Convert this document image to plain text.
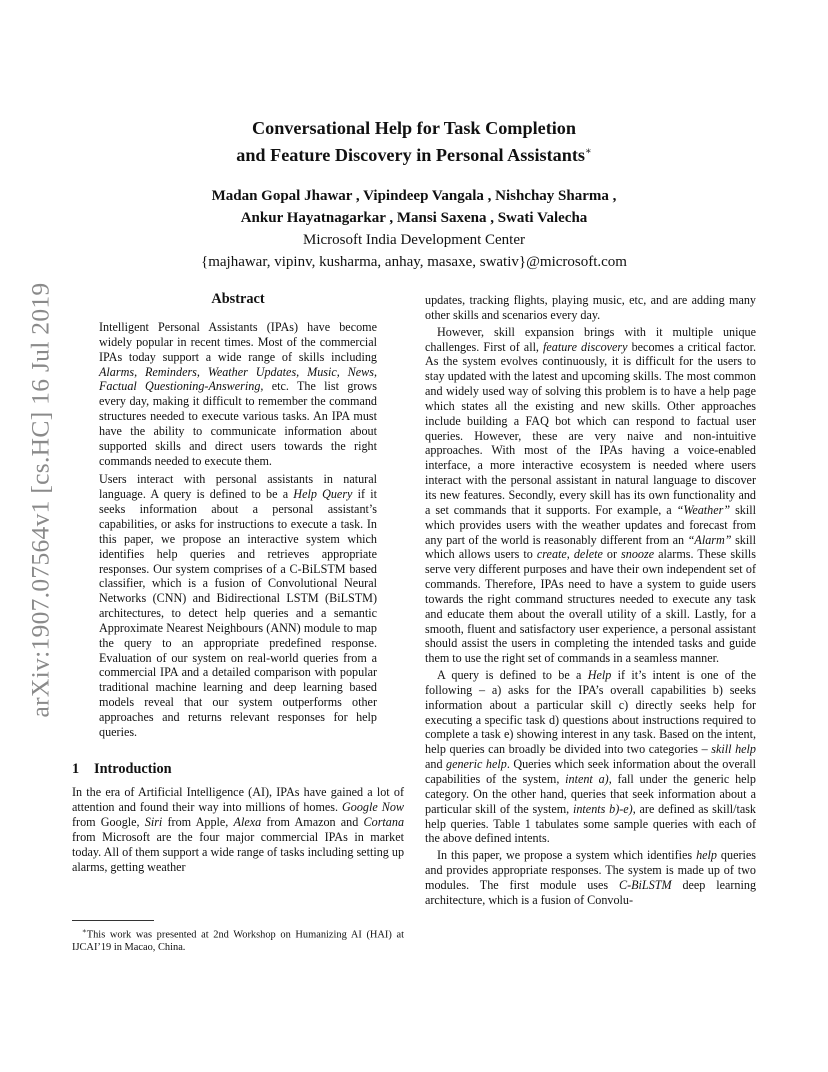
arXiv:1907.07564v1 [cs.HC] 16 Jul 2019
Conversational Help for Task Completion
and Feature Discovery in Personal Assistants∗
Madan Gopal Jhawar , Vipindeep Vangala , Nishchay Sharma ,
Ankur Hayatnagarkar , Mansi Saxena , Swati Valecha
Microsoft India Development Center
{majhawar, vipinv, kusharma, anhay, masaxe, swativ}@microsoft.com
Abstract

Intelligent Personal Assistants (IPAs) have become widely popular in recent times. Most of the commercial IPAs today support a wide range of skills including Alarms, Reminders, Weather Updates, Music, News, Factual Questioning-Answering, etc. The list grows every day, making it difficult to remember the command structures needed to execute various tasks. An IPA must have the ability to communicate information about supported skills and direct users towards the right commands needed to execute them.

Users interact with personal assistants in natural language. A query is defined to be a Help Query if it seeks information about a personal assistant’s capabilities, or asks for instructions to execute a task. In this paper, we propose an interactive system which identifies help queries and retrieves appropriate responses. Our system comprises of a C-BiLSTM based classifier, which is a fusion of Convolutional Neural Networks (CNN) and Bidirectional LSTM (BiLSTM) architectures, to detect help queries and a semantic Approximate Nearest Neighbours (ANN) module to map the query to an appropriate predefined response. Evaluation of our system on real-world queries from a commercial IPA and a detailed comparison with popular traditional machine learning and deep learning based models reveal that our system outperforms other approaches and returns relevant responses for help queries.

1 Introduction

In the era of Artificial Intelligence (AI), IPAs have gained a lot of attention and found their way into millions of homes. Google Now from Google, Siri from Apple, Alexa from Amazon and Cortana from Microsoft are the four major commercial IPAs in market today. All of them support a wide range of tasks including setting up alarms, getting weather

∗This work was presented at 2nd Workshop on Humanizing AI (HAI) at IJCAI’19 in Macao, China.

updates, tracking flights, playing music, etc, and are adding many other skills and scenarios every day.

However, skill expansion brings with it multiple unique challenges. First of all, feature discovery becomes a critical factor. As the system evolves continuously, it is difficult for the users to stay updated with the latest and upcoming skills. The most common and widely used way of solving this problem is to have a help page which states all the existing and new skills. Other approaches include building a FAQ bot which can respond to factual user queries. However, these are very naive and non-intuitive approaches. With most of the IPAs having a voice-enabled interface, a more interactive ecosystem is needed where users interact with the personal assistant in natural language to discover its new features. Secondly, every skill has its own functionality and a set commands that it supports. For example, a “Weather” skill which provides users with the weather updates and forecast from any part of the world is reasonably different from an “Alarm” skill which allows users to create, delete or snooze alarms. These skills serve very different purposes and have their own independent set of commands. Therefore, IPAs need to have a system to guide users towards the right command structures needed to execute any task and educate them about the overall utility of a skill. Lastly, for a smooth, fluent and satisfactory user experience, a personal assistant should assist the users in completing the intended tasks and guide them to use the right set of commands in a seamless manner.

A query is defined to be a Help if it’s intent is one of the following – a) asks for the IPA’s overall capabilities b) seeks information about a particular skill c) directly seeks help for executing a specific task d) questions about instructions required to complete a task e) showing interest in any task. Based on the intent, help queries can broadly be divided into two categories – skill help and generic help. Queries which seek information about the overall capabilities of the system, intent a), fall under the generic help category. On the other hand, queries that seek information about a particular skill of the system, intents b)-e), are defined as skill/task help queries. Table 1 tabulates some sample queries with each of the above defined intents.

In this paper, we propose a system which identifies help queries and provides appropriate responses. The system is made up of two modules. The first module uses C-BiLSTM deep learning architecture, which is a fusion of Convolu-
